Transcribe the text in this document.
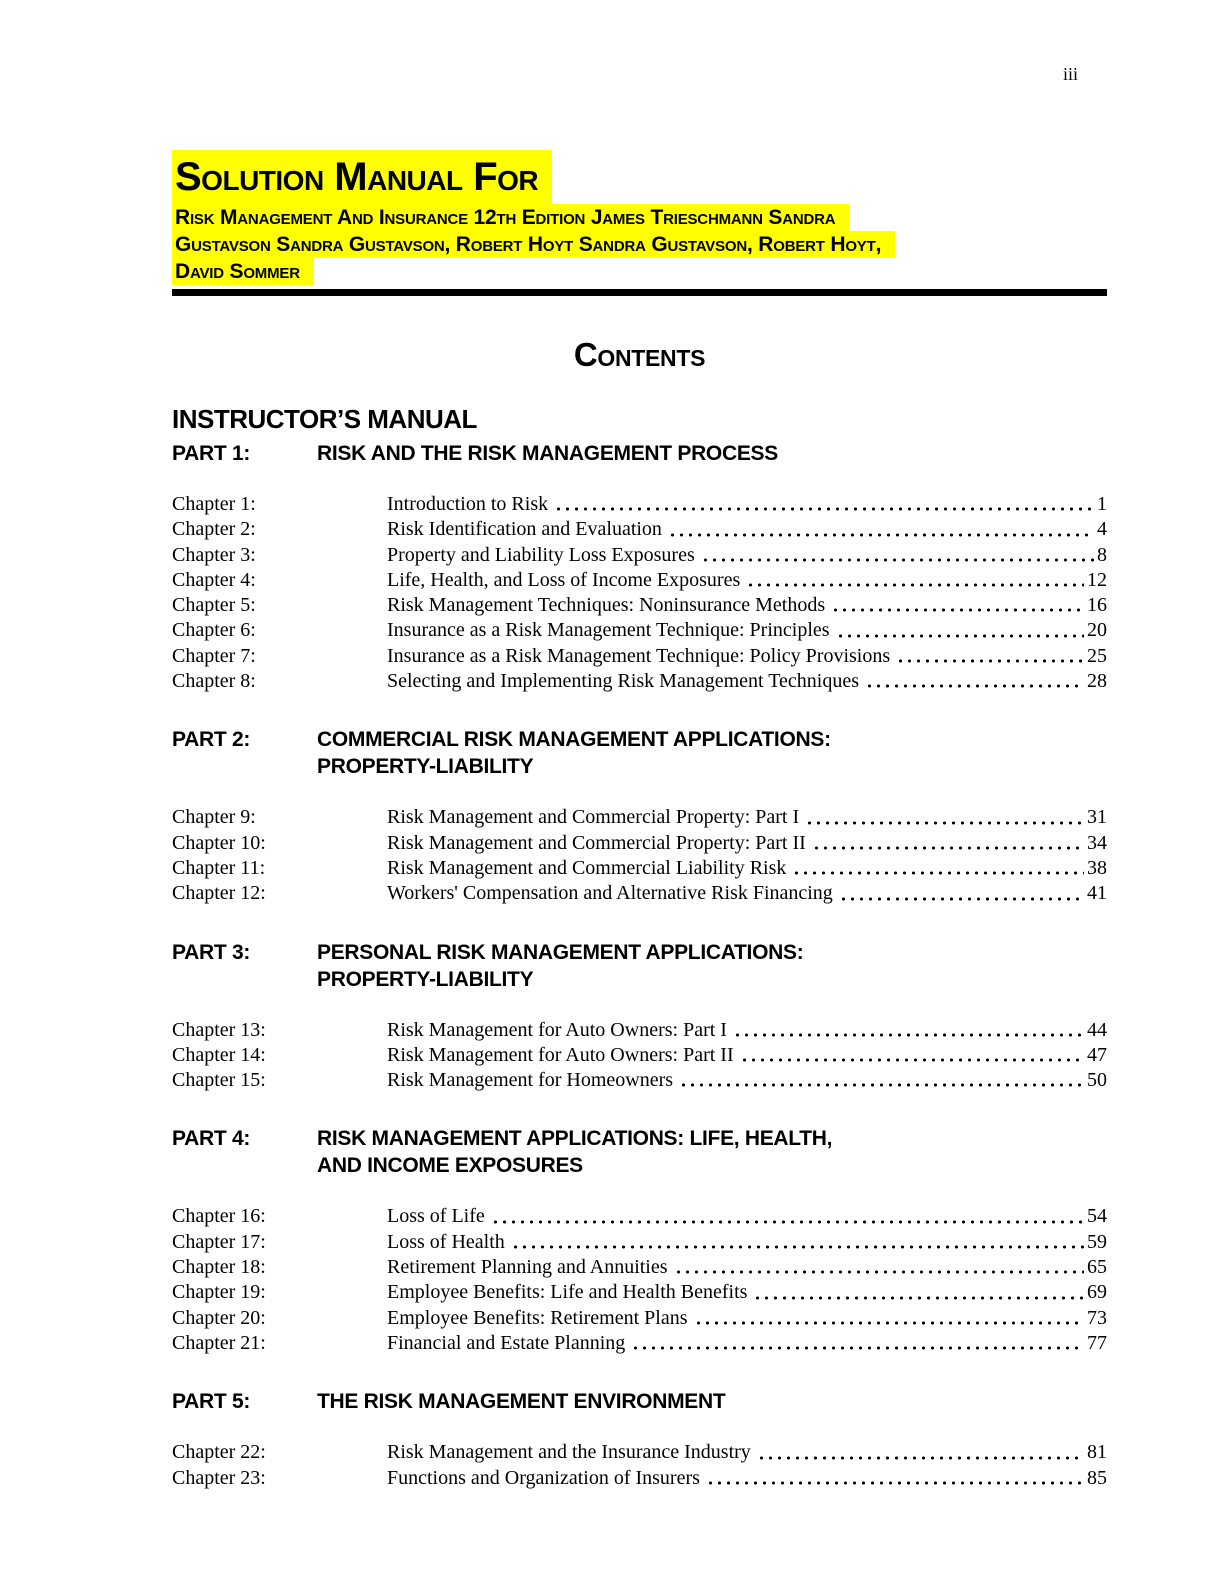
iii
Solution Manual For
Risk Management And Insurance 12th Edition James Trieschmann Sandra
Gustavson Sandra Gustavson, Robert Hoyt Sandra Gustavson, Robert Hoyt,
David Sommer
Contents
INSTRUCTOR’S MANUAL
PART 1:	RISK AND THE RISK MANAGEMENT PROCESS
Chapter 1:	Introduction to Risk	1
Chapter 2:	Risk Identification and Evaluation	4
Chapter 3:	Property and Liability Loss Exposures	8
Chapter 4:	Life, Health, and Loss of Income Exposures	12
Chapter 5:	Risk Management Techniques: Noninsurance Methods	16
Chapter 6:	Insurance as a Risk Management Technique: Principles	20
Chapter 7:	Insurance as a Risk Management Technique: Policy Provisions	25
Chapter 8:	Selecting and Implementing Risk Management Techniques	28
PART 2:	COMMERCIAL RISK MANAGEMENT APPLICATIONS:
PROPERTY-LIABILITY
Chapter 9:	Risk Management and Commercial Property: Part I	31
Chapter 10:	Risk Management and Commercial Property: Part II	34
Chapter 11:	Risk Management and Commercial Liability Risk	38
Chapter 12:	Workers' Compensation and Alternative Risk Financing	41
PART 3:	PERSONAL RISK MANAGEMENT APPLICATIONS:
PROPERTY-LIABILITY
Chapter 13:	Risk Management for Auto Owners: Part I	44
Chapter 14:	Risk Management for Auto Owners: Part II	47
Chapter 15:	Risk Management for Homeowners	50
PART 4:	RISK MANAGEMENT APPLICATIONS: LIFE, HEALTH,
AND INCOME EXPOSURES
Chapter 16:	Loss of Life	54
Chapter 17:	Loss of Health	59
Chapter 18:	Retirement Planning and Annuities	65
Chapter 19:	Employee Benefits: Life and Health Benefits	69
Chapter 20:	Employee Benefits: Retirement Plans	73
Chapter 21:	Financial and Estate Planning	77
PART 5:	THE RISK MANAGEMENT ENVIRONMENT
Chapter 22:	Risk Management and the Insurance Industry	81
Chapter 23:	Functions and Organization of Insurers	85
